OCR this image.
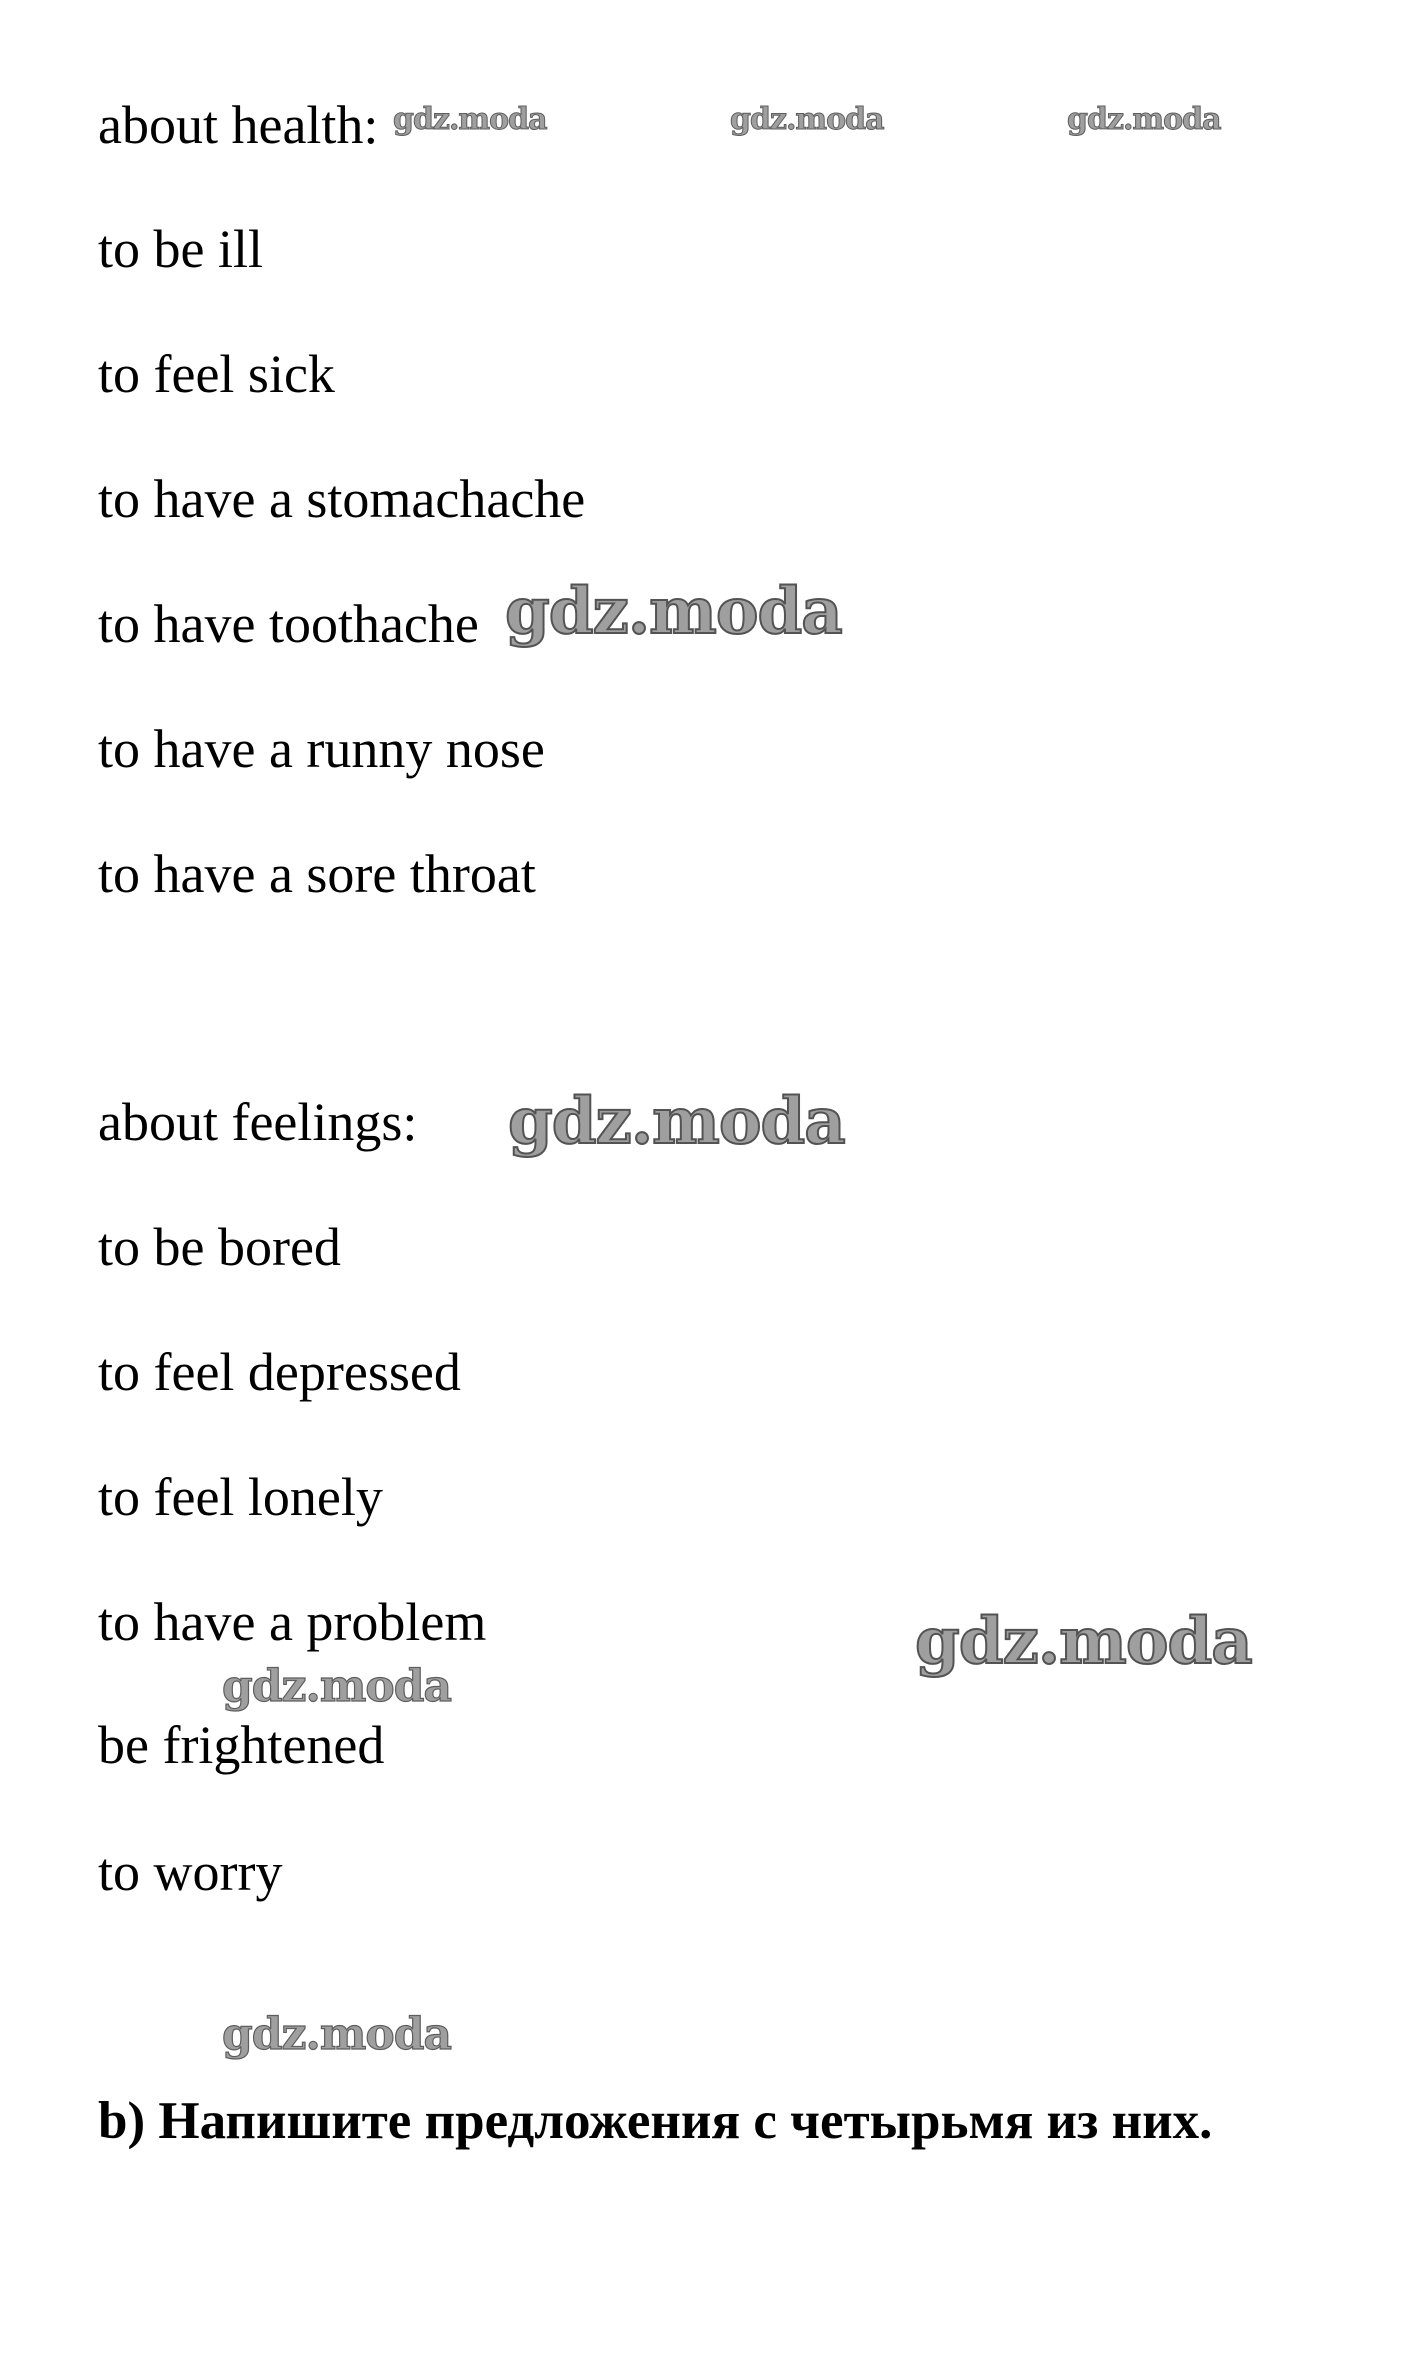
about health:
to be ill
to feel sick
to have a stomachache
to have toothache
to have a runny nose
to have a sore throat
about feelings:
to be bored
to feel depressed
to feel lonely
to have a problem
be frightened
to worry
b) Напишите предложения с четырьмя из них.
gdz.moda	gdz.moda	gdz.moda
gdz.moda
gdz.moda
gdz.moda
gdz.moda
gdz.moda
